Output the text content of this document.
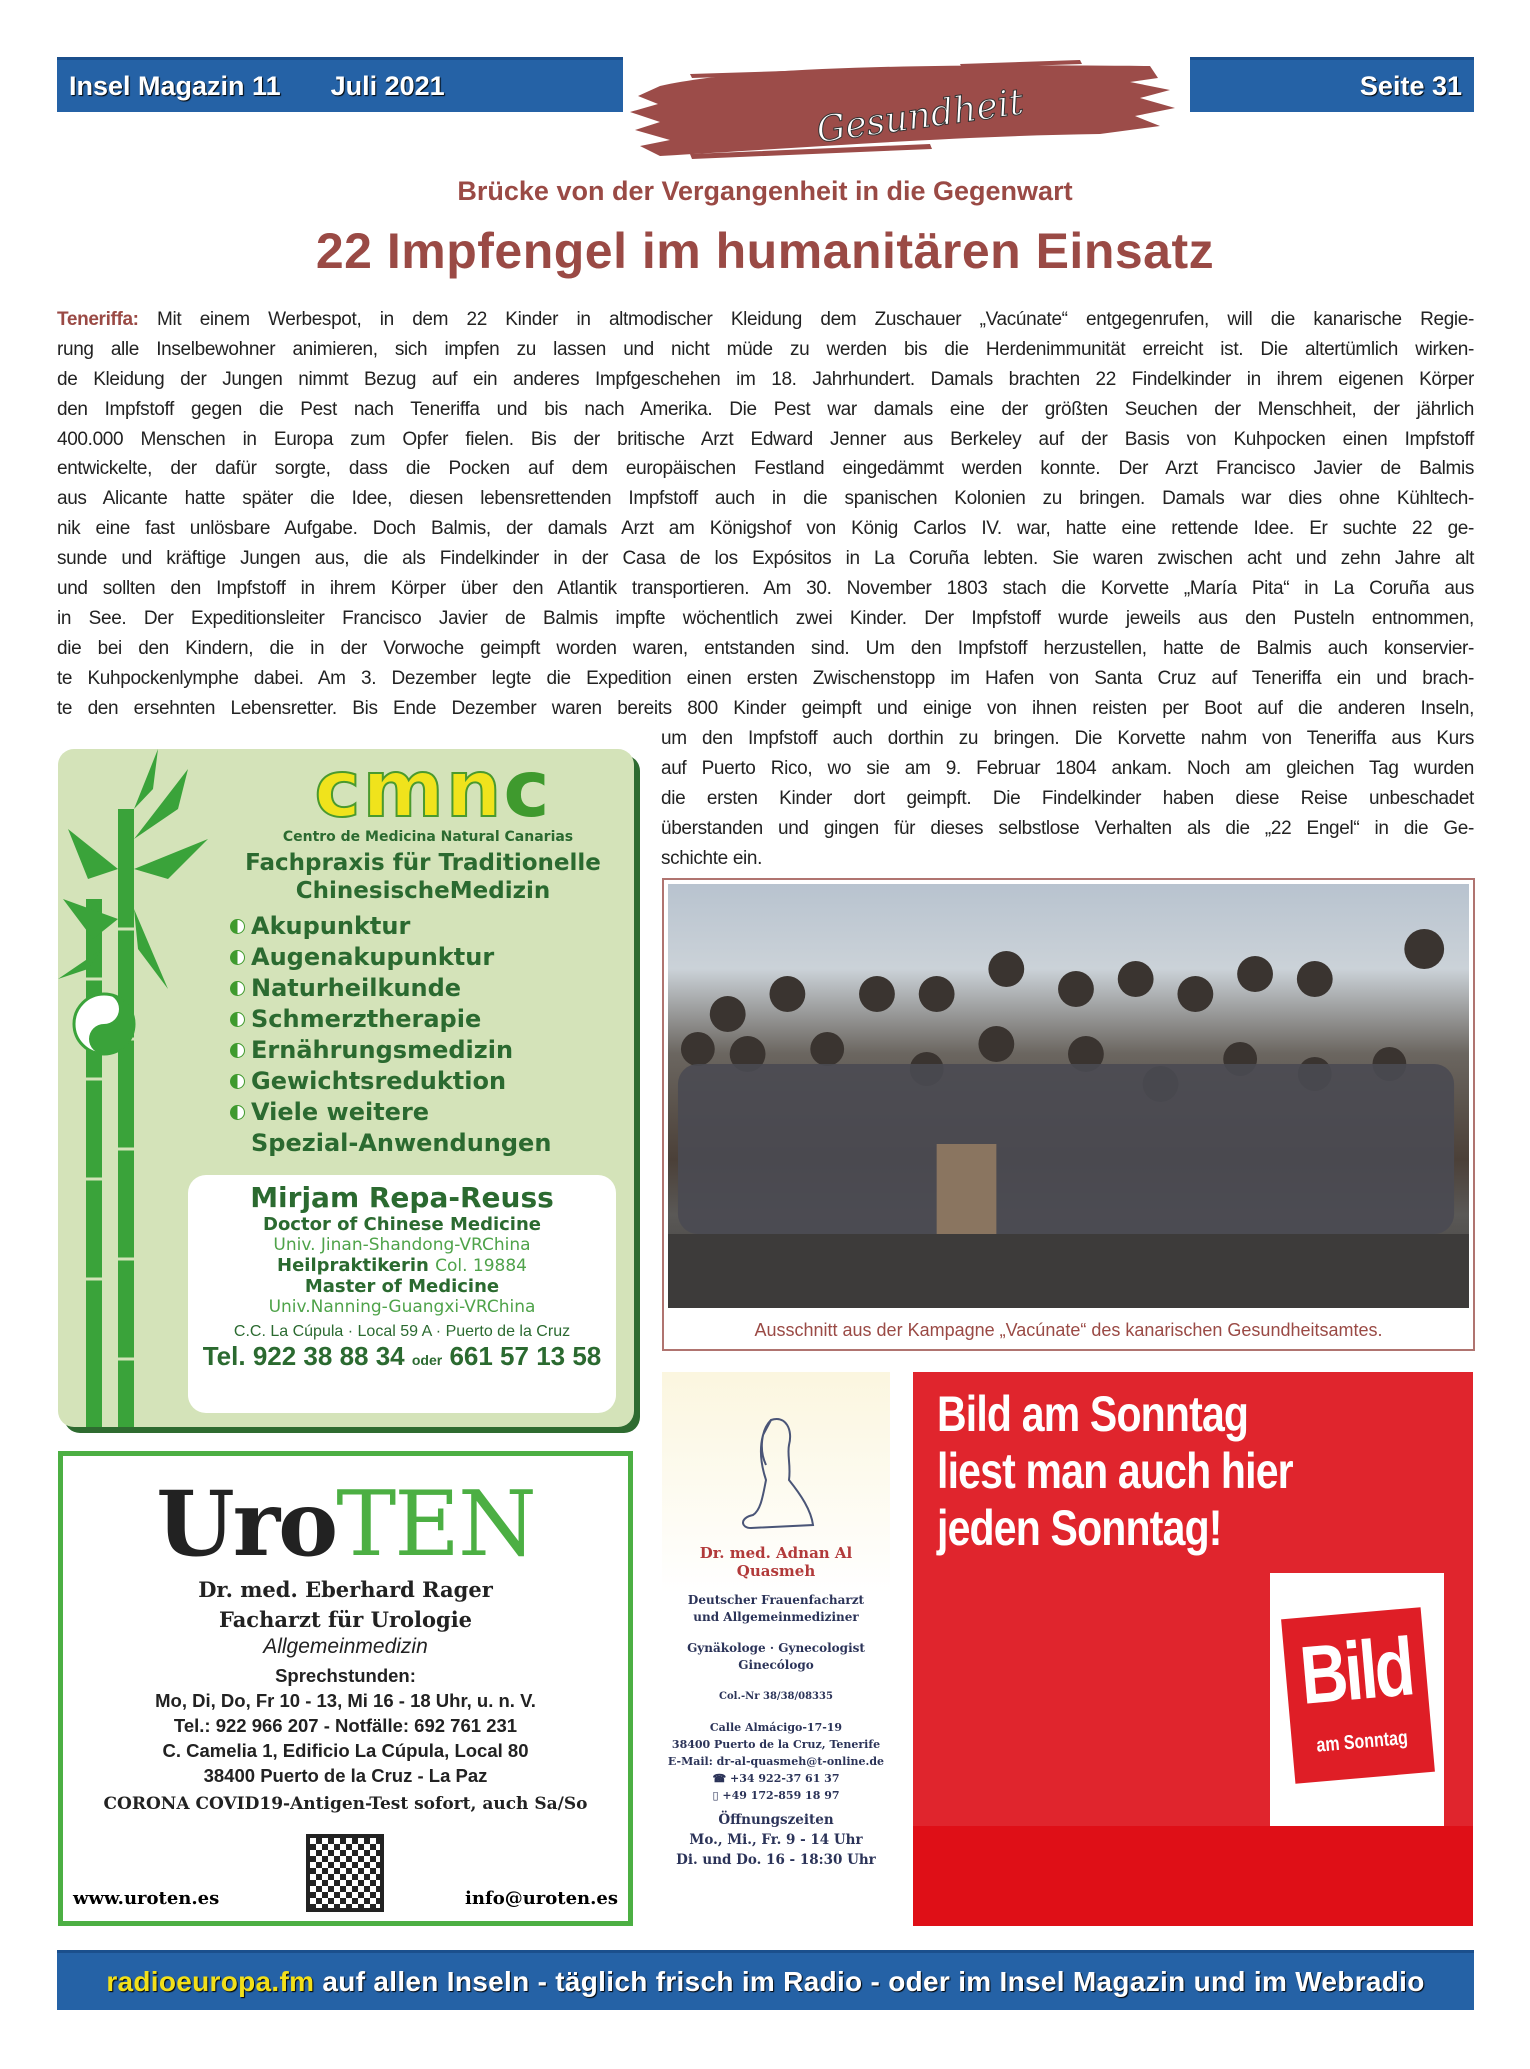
Insel Magazin 11 Juli 2021	Gesundheit	Seite 31
Brücke von der Vergangenheit in die Gegenwart
22 Impfengel im humanitären Einsatz
Teneriffa: Mit einem Werbespot, in dem 22 Kinder in altmodischer Kleidung dem Zuschauer „Vacúnate“ entgegenrufen, will die kanarische Regie-
rung alle Inselbewohner animieren, sich impfen zu lassen und nicht müde zu werden bis die Herdenimmunität erreicht ist. Die altertümlich wirken-
de Kleidung der Jungen nimmt Bezug auf ein anderes Impfgeschehen im 18. Jahrhundert. Damals brachten 22 Findelkinder in ihrem eigenen Körper
den Impfstoff gegen die Pest nach Teneriffa und bis nach Amerika. Die Pest war damals eine der größten Seuchen der Menschheit, der jährlich
400.000 Menschen in Europa zum Opfer fielen. Bis der britische Arzt Edward Jenner aus Berkeley auf der Basis von Kuhpocken einen Impfstoff
entwickelte, der dafür sorgte, dass die Pocken auf dem europäischen Festland eingedämmt werden konnte. Der Arzt Francisco Javier de Balmis
aus Alicante hatte später die Idee, diesen lebensrettenden Impfstoff auch in die spanischen Kolonien zu bringen. Damals war dies ohne Kühltech-
nik eine fast unlösbare Aufgabe. Doch Balmis, der damals Arzt am Königshof von König Carlos IV. war, hatte eine rettende Idee. Er suchte 22 ge-
sunde und kräftige Jungen aus, die als Findelkinder in der Casa de los Expósitos in La Coruña lebten. Sie waren zwischen acht und zehn Jahre alt
und sollten den Impfstoff in ihrem Körper über den Atlantik transportieren. Am 30. November 1803 stach die Korvette „María Pita“ in La Coruña aus
in See. Der Expeditionsleiter Francisco Javier de Balmis impfte wöchentlich zwei Kinder. Der Impfstoff wurde jeweils aus den Pusteln entnommen,
die bei den Kindern, die in der Vorwoche geimpft worden waren, entstanden sind. Um den Impfstoff herzustellen, hatte de Balmis auch konservier-
te Kuhpockenlymphe dabei. Am 3. Dezember legte die Expedition einen ersten Zwischenstopp im Hafen von Santa Cruz auf Teneriffa ein und brach-
te den ersehnten Lebensretter. Bis Ende Dezember waren bereits 800 Kinder geimpft und einige von ihnen reisten per Boot auf die anderen Inseln,
um den Impfstoff auch dorthin zu bringen. Die Korvette nahm von Teneriffa aus Kurs
auf Puerto Rico, wo sie am 9. Februar 1804 ankam. Noch am gleichen Tag wurden
die ersten Kinder dort geimpft. Die Findelkinder haben diese Reise unbeschadet
überstanden und gingen für dieses selbstlose Verhalten als die „22 Engel“ in die Ge-
schichte ein.
cmnc
Centro de Medicina Natural Canarias
Fachpraxis für Traditionelle
ChinesischeMedizin
Akupunktur
Augenakupunktur
Naturheilkunde
Schmerztherapie
Ernährungsmedizin
Gewichtsreduktion
Viele weitere
Spezial-Anwendungen
Mirjam Repa-Reuss
Doctor of Chinese Medicine
Univ. Jinan-Shandong-VRChina
Heilpraktikerin Col. 19884
Master of Medicine
Univ.Nanning-Guangxi-VRChina
C.C. La Cúpula · Local 59 A · Puerto de la Cruz
Tel. 922 38 88 34 oder 661 57 13 58
Ausschnitt aus der Kampagne „Vacúnate“ des kanarischen Gesundheitsamtes.
UroTEN
Dr. med. Eberhard Rager
Facharzt für Urologie
Allgemeinmedizin
Sprechstunden:
Mo, Di, Do, Fr 10 - 13, Mi 16 - 18 Uhr, u. n. V.
Tel.: 922 966 207 - Notfälle: 692 761 231
C. Camelia 1, Edificio La Cúpula, Local 80
38400 Puerto de la Cruz - La Paz
CORONA COVID19-Antigen-Test sofort, auch Sa/So
www.uroten.es	info@uroten.es
Dr. med. Adnan Al Quasmeh
Deutscher Frauenfacharzt
und Allgemeinmediziner
Gynäkologe · Gynecologist
Ginecólogo
Col.-Nr 38/38/08335
Calle Almácigo-17-19
38400 Puerto de la Cruz, Tenerife
E-Mail: dr-al-quasmeh@t-online.de
☎ +34 922-37 61 37
▯ +49 172-859 18 97
Öffnungszeiten
Mo., Mi., Fr. 9 - 14 Uhr
Di. und Do. 16 - 18:30 Uhr
Bild am Sonntag
liest man auch hier
jeden Sonntag!
Bild
am Sonntag
radioeuropa.fm auf allen Inseln - täglich frisch im Radio - oder im Insel Magazin und im Webradio
